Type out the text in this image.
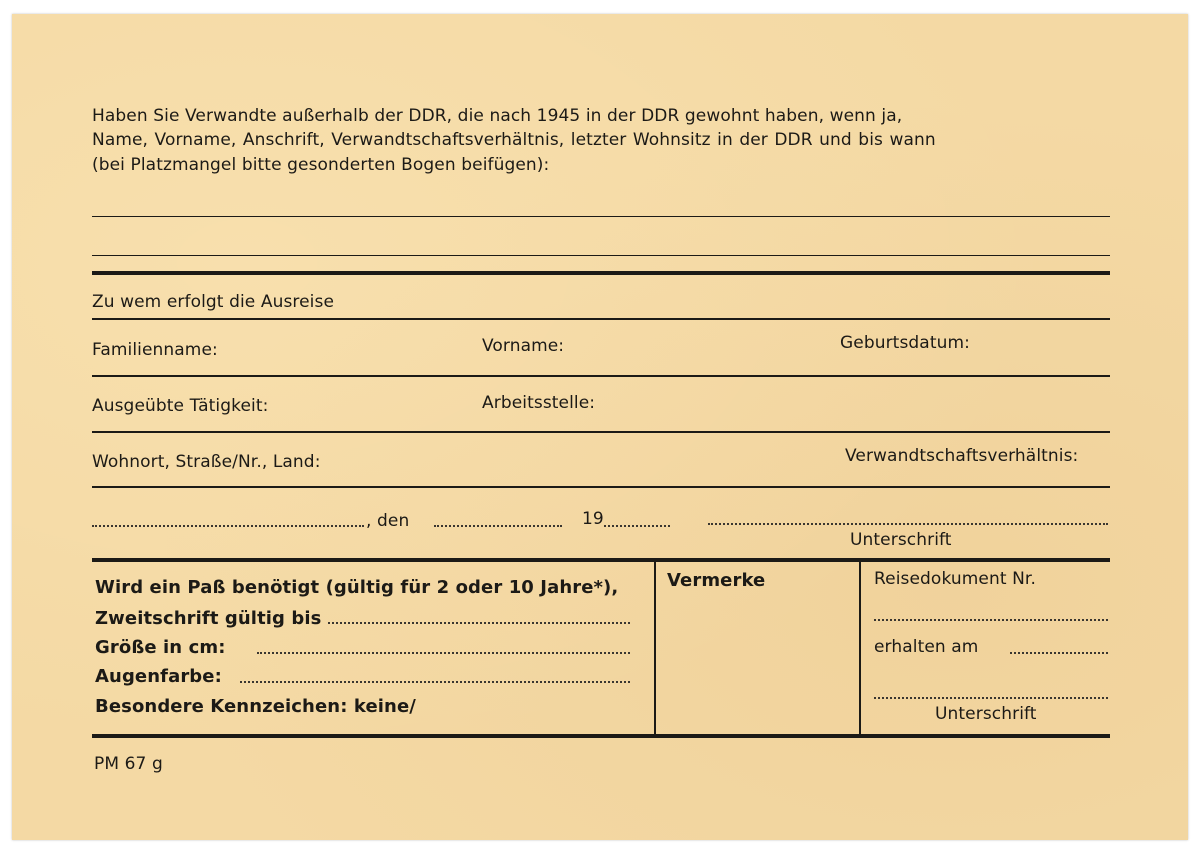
Haben Sie Verwandte außerhalb der DDR, die nach 1945 in der DDR gewohnt haben, wenn ja,
Name, Vorname, Anschrift, Verwandtschaftsverhältnis, letzter Wohnsitz in der DDR und bis wann
(bei Platzmangel bitte gesonderten Bogen beifügen):
Zu wem erfolgt die Ausreise
Familienname:	Vorname:	Geburtsdatum:
Ausgeübte Tätigkeit:	Arbeitsstelle:
Wohnort, Straße/Nr., Land:	Verwandtschaftsverhältnis:
, den	19
Unterschrift
Wird ein Paß benötigt (gültig für 2 oder 10 Jahre*),
Zweitschrift gültig bis
Größe in cm:
Augenfarbe:
Besondere Kennzeichen: keine/
Vermerke	Reisedokument Nr.
erhalten am
Unterschrift
PM 67 g
